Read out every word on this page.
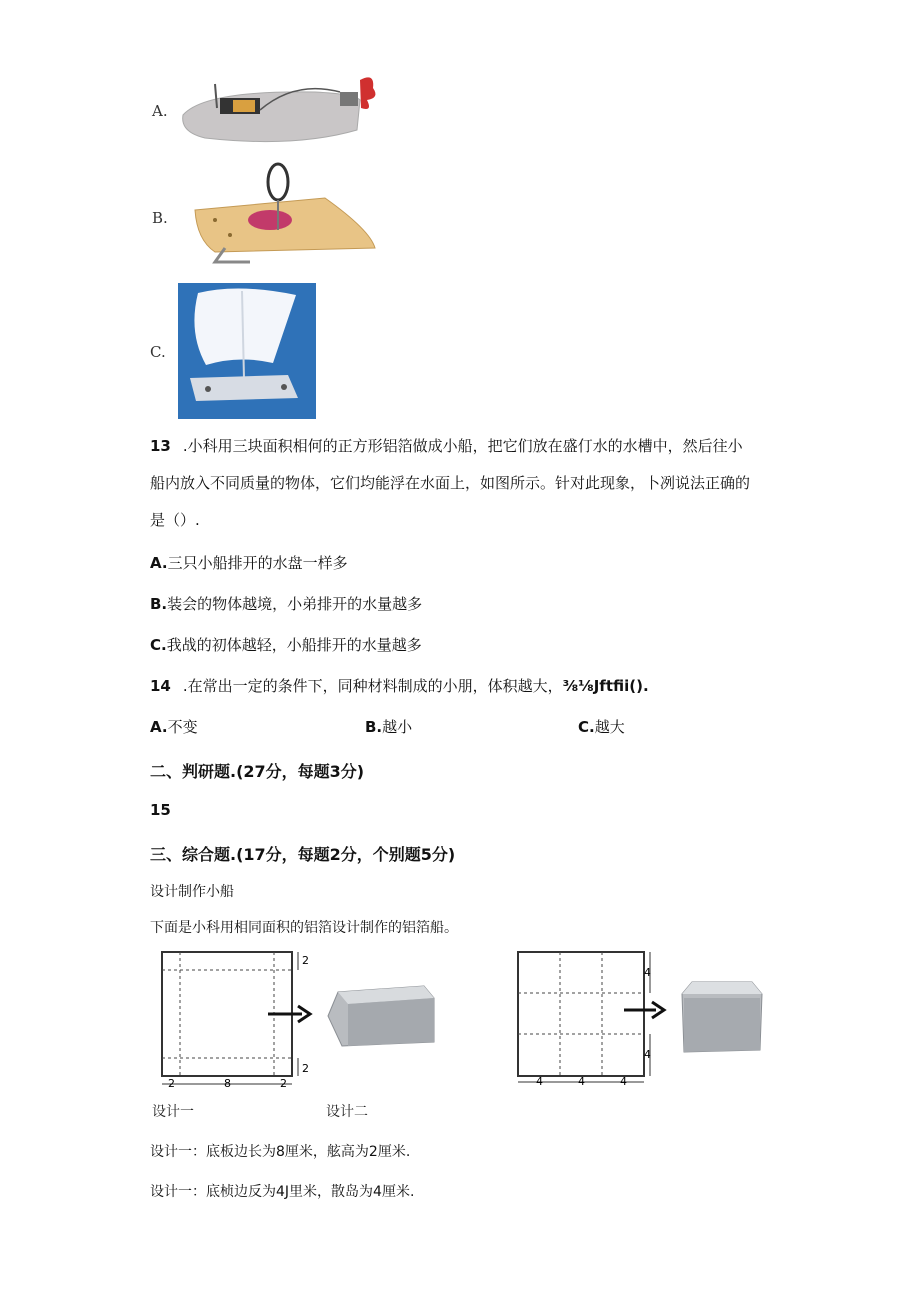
A.
B.
C.
13 .小科用三块面积相何的正方形铝箔做成小船，把它们放在盛仃水的水槽中，然后往小
船内放入不同质量的物体，它们均能浮在水面上，如图所示。针对此现象，卜冽说法正确的
是（）.
A.三只小船排开的水盘一样多
B.装会的物体越境，小弟排开的水量越多
C.我战的初体越轻，小船排开的水量越多
14 .在常出一定的条件下，同种材料制成的小朋，体积越大，⅜⅛Jftfii().
A.不变	B.越小	C.越大
二、判研题.(27分，每题3分)
15
三、综合题.(17分，每题2分，个别题5分)
设计制作小船
下面是小科用相同面积的铝箔设计制作的铝箔船。
2
2
2	8	2
4
4
4	4	4
设计一	设计二
设计一：底板边长为8厘米，舷高为2厘米.
设计一：底桢边反为4J里米，散岛为4厘米.
